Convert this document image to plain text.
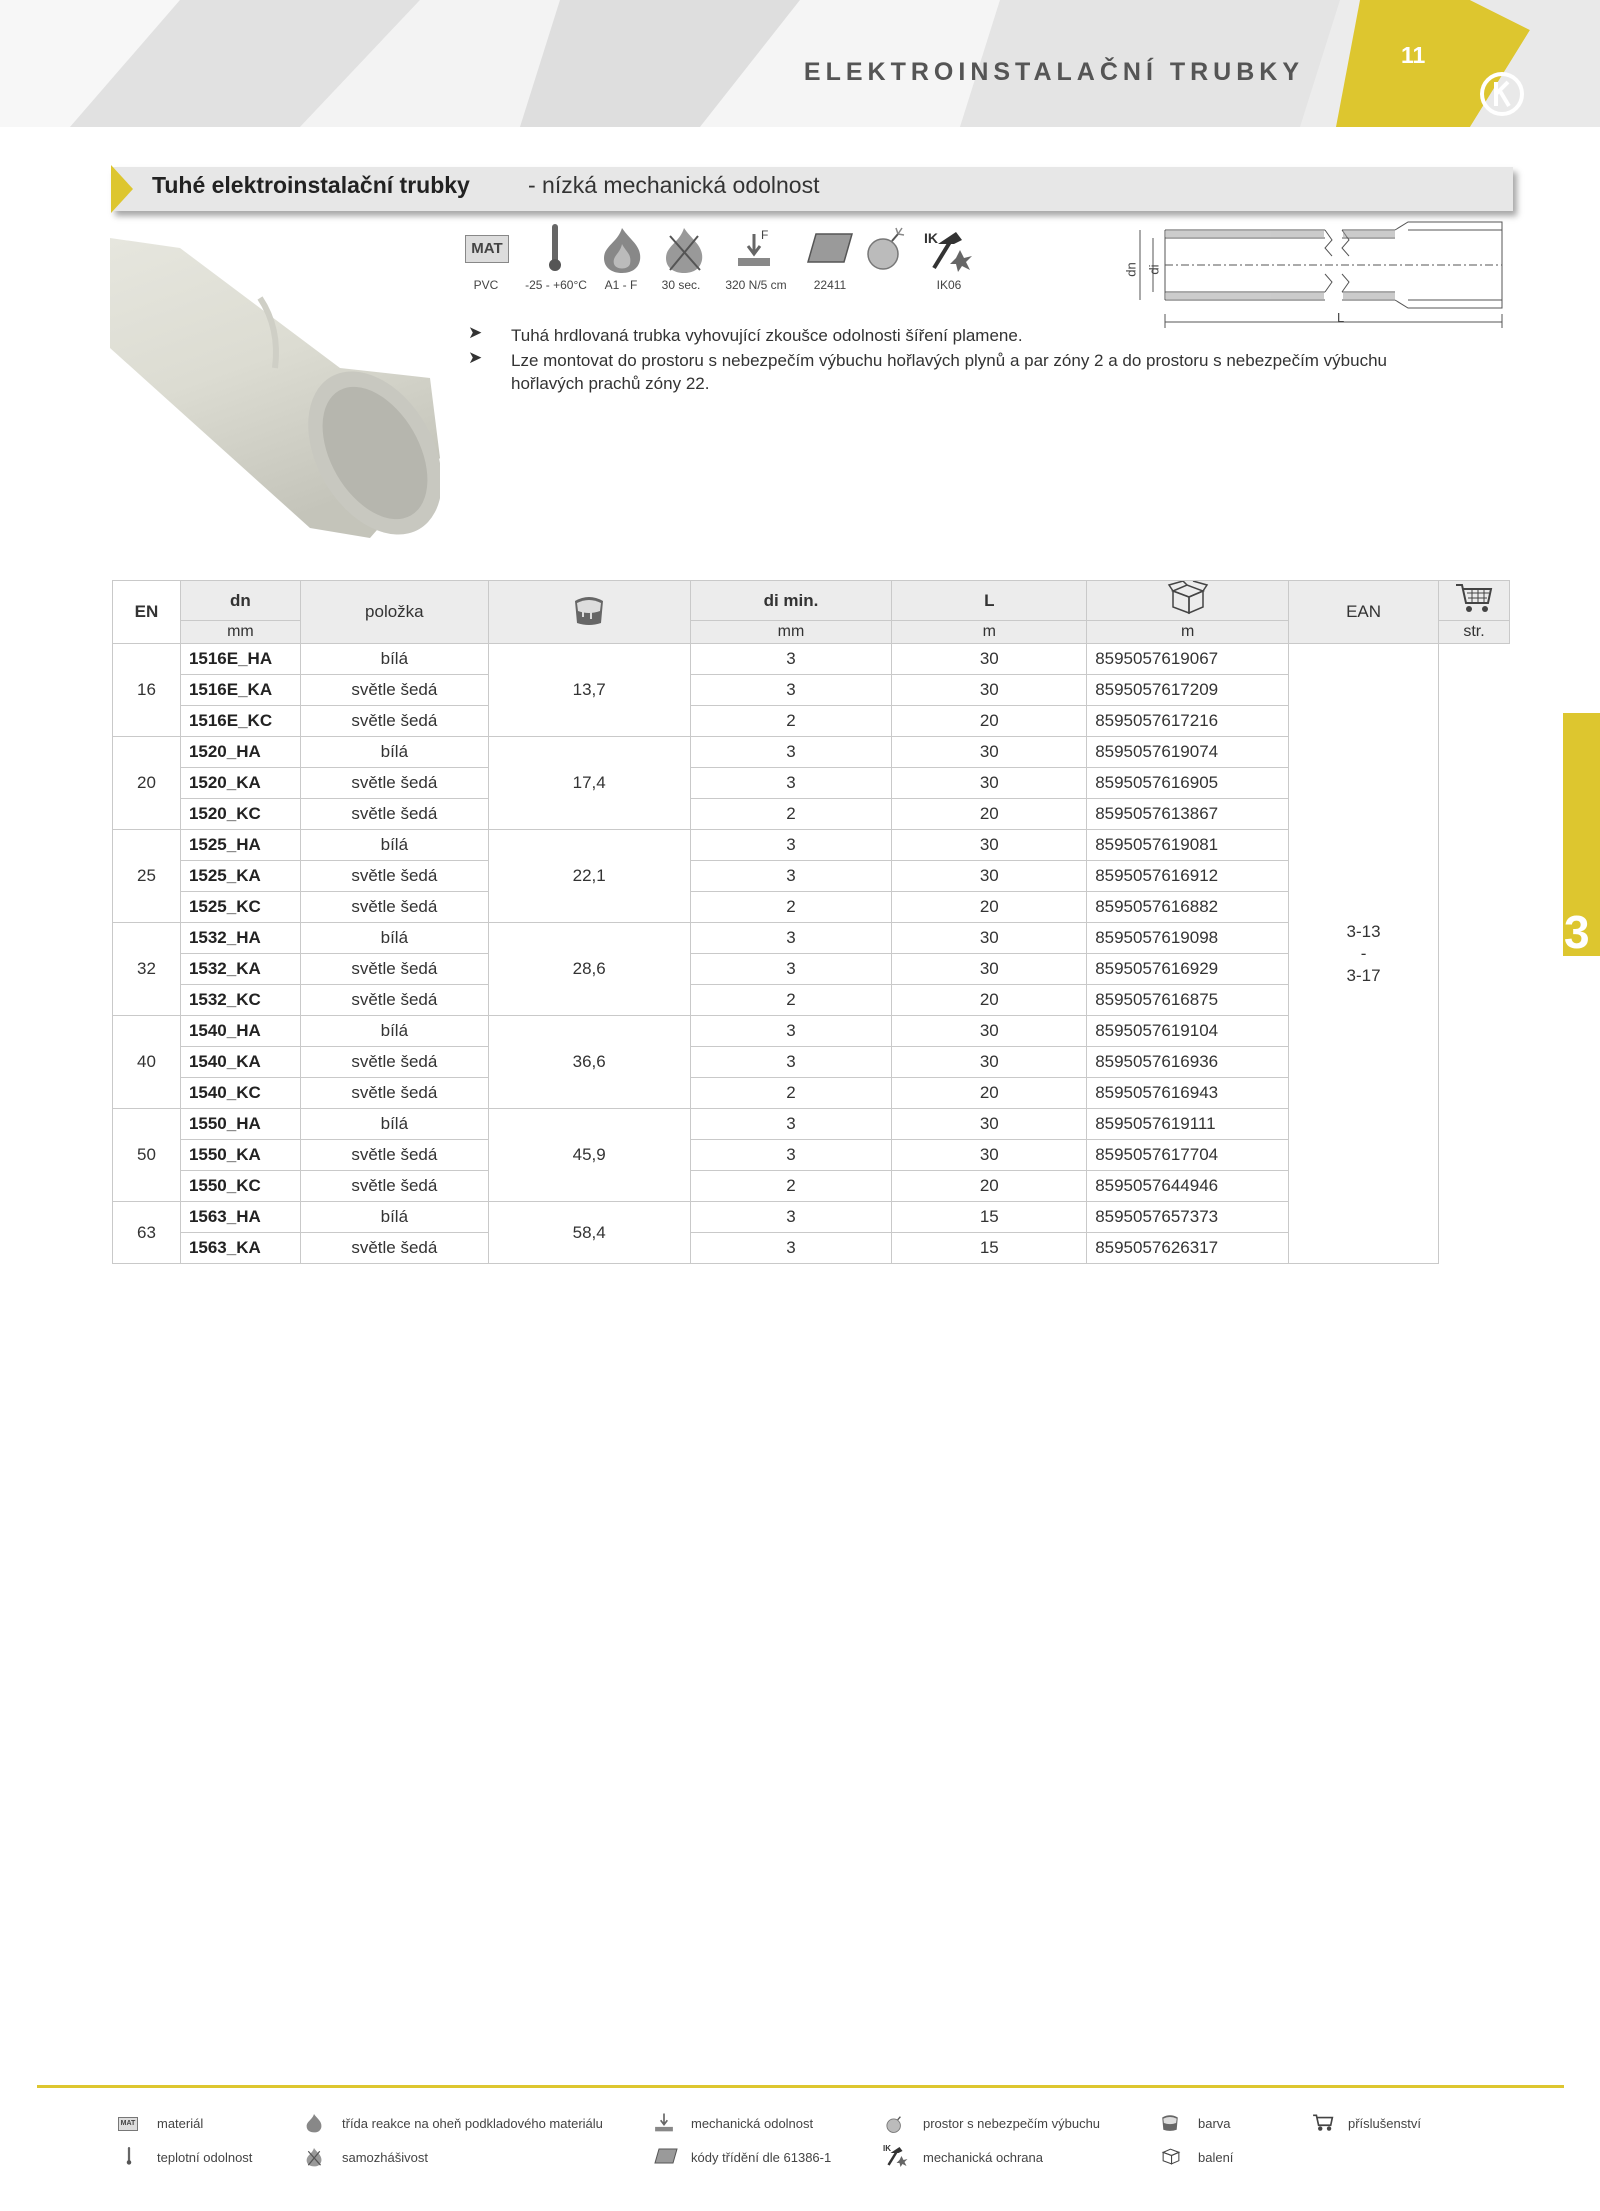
ELEKTROINSTALAČNÍ TRUBKY
11
Tuhé elektroinstalační trubky	- nízká mechanická odolnost
MAT
F	IK
PVC	-25 - +60°C	A1 - F	30 sec.	320 N/5 cm	22411	IK06
dn di
L
➤ Tuhá hrdlovaná trubka vyhovující zkoušce odolnosti šíření plamene.
➤ Lze montovat do prostoru s nebezpečím výbuchu hořlavých plynů a par zóny 2 a do prostoru s nebezpečím výbuchu
hořlavých prachů zóny 22.
EN	dn	položka		di min.	L		EAN	
	mm			mm	m	m		str.
16	1516E_HA	bílá	13,7	3	30	8595057619067	3-13
-
3-17	

	1516E_KA	světle šedá		3	30	8595057617209		
	1516E_KC	světle šedá		2	20	8595057617216		
20	1520_HA	bílá	17,4	3	30	8595057619074		
	1520_KA	světle šedá		3	30	8595057616905		
	1520_KC	světle šedá		2	20	8595057613867		
25	1525_HA	bílá	22,1	3	30	8595057619081		
	1525_KA	světle šedá		3	30	8595057616912		
	1525_KC	světle šedá		2	20	8595057616882		
32	1532_HA	bílá	28,6	3	30	8595057619098		
	1532_KA	světle šedá		3	30	8595057616929		
	1532_KC	světle šedá		2	20	8595057616875		
40	1540_HA	bílá	36,6	3	30	8595057619104		
	1540_KA	světle šedá		3	30	8595057616936		
	1540_KC	světle šedá		2	20	8595057616943		
50	1550_HA	bílá	45,9	3	30	8595057619111		
	1550_KA	světle šedá		3	30	8595057617704		
	1550_KC	světle šedá		2	20	8595057644946		
63	1563_HA	bílá	58,4	3	15	8595057657373		
	1563_KA	světle šedá		3	15	8595057626317		
3
MAT materiál	třída reakce na oheň podkladového materiálu	mechanická odolnost	prostor s nebezpečím výbuchu	barva	příslušenství
teplotní odolnost	samozhášivost	kódy třídění dle 61386-1
IK
mechanická ochrana	balení
